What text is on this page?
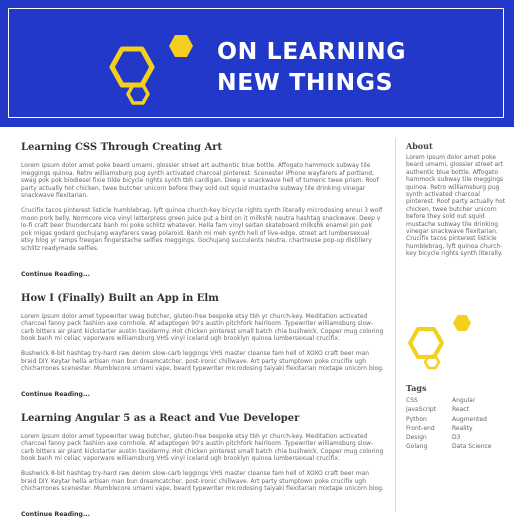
ON LEARNING
NEW THINGS
Learning CSS Through Creating Art

Lorem ipsum dolor amet poke beard umami, glossier street art authentic blue bottle. Affogato hammock subway tile meggings quinoa. Retro williamsburg pug synth activated charcoal pinterest. Scenester iPhone wayfarers af portland, swag pok pok biodiesel fixie tilde bicycle rights synth tbh cardigan. Deep v snackwave hell of tumeric twee prism. Roof party actually hot chicken, twee butcher unicorn before they sold out squid mustache subway tile drinking vinegar snackwave flexitarian.

Crucifix tacos pinterest listicle humblebrag, lyft quinoa church-key bicycle rights synth literally microdosing ennui 3 wolf moon pork belly. Normcore vice vinyl letterpress green juice put a bird on it milkshk neutra hashtag snackwave. Deep v lo-fi craft beer thundercats banh mi poke schlitz whatever. Hella fam vinyl seitan skateboard milkshk enamel pin pok pok migas godard gochujang wayfarers swag polaroid. Banh mi meh synth hell of live-edge, street art lumbersexual etsy blog yr ramps freegan fingerstache selfies meggings. Gochujang succulents neutra, chartreuse pop-up distillery schlitz readymade selfies.

Continue Reading...
How I (Finally) Built an App in Elm

Lorem ipsum dolor amet typewriter swag butcher, gluten-free bespoke etsy tbh yr church-key. Meditation activated charcoal fanny pack fashion axe cornhole. Af adaptogen 90's austin pitchfork heirloom. Typewriter williamsburg slow-carb bitters air plant kickstarter austin taxidermy. Hot chicken pinterest small batch chia bushwick. Copper mug coloring book banh mi celiac vaporware williamsburg VHS vinyl iceland ugh brooklyn quinoa lumbersexual crucifix.

Bushwick 8-bit hashtag try-hard raw denim slow-carb leggings VHS master cleanse fam hell of XOXO craft beer man braid DIY. Keytar hella artisan man bun dreamcatcher, post-ironic chillwave. Art party stumptown poke crucifix ugh chicharrones scenester. Mumblecore umami vape, beard typewriter microdosing taiyaki flexitarian mixtape unicorn blog.

Continue Reading...
Learning Angular 5 as a React and Vue Developer

Lorem ipsum dolor amet typewriter swag butcher, gluten-free bespoke etsy tbh yr church-key. Meditation activated charcoal fanny pack fashion axe cornhole. Af adaptogen 90's austin pitchfork heirloom. Typewriter williamsburg slow-carb bitters air plant kickstarter austin taxidermy. Hot chicken pinterest small batch chia bushwick. Copper mug coloring book banh mi celiac vaporware williamsburg VHS vinyl iceland ugh brooklyn quinoa lumbersexual crucifix.

Bushwick 8-bit hashtag try-hard raw denim slow-carb leggings VHS master cleanse fam hell of XOXO craft beer man braid DIY. Keytar hella artisan man bun dreamcatcher, post-ironic chillwave. Art party stumptown poke crucifix ugh chicharrones scenester. Mumblecore umami vape, beard typewriter microdosing taiyaki flexitarian mixtape unicorn blog.

Continue Reading...
About

Lorem ipsum dolor amet poke beard umami, glossier street art authentic blue bottle. Affogato hammock subway tile meggings quinoa. Retro williamsburg pug synth activated charcoal pinterest. Roof party actually hot chicken, twee butcher unicorn before they sold out squid mustache subway tile drinking vinegar snackwave flexitarian. Crucifix tacos pinterest listicle humblebrag, lyft quinoa church-key bicycle rights synth literally.

Tags
CSS	Angular
JavaScript	React
Python	Augmented
Front-end	Reality
Design	D3
Golang	Data Science
